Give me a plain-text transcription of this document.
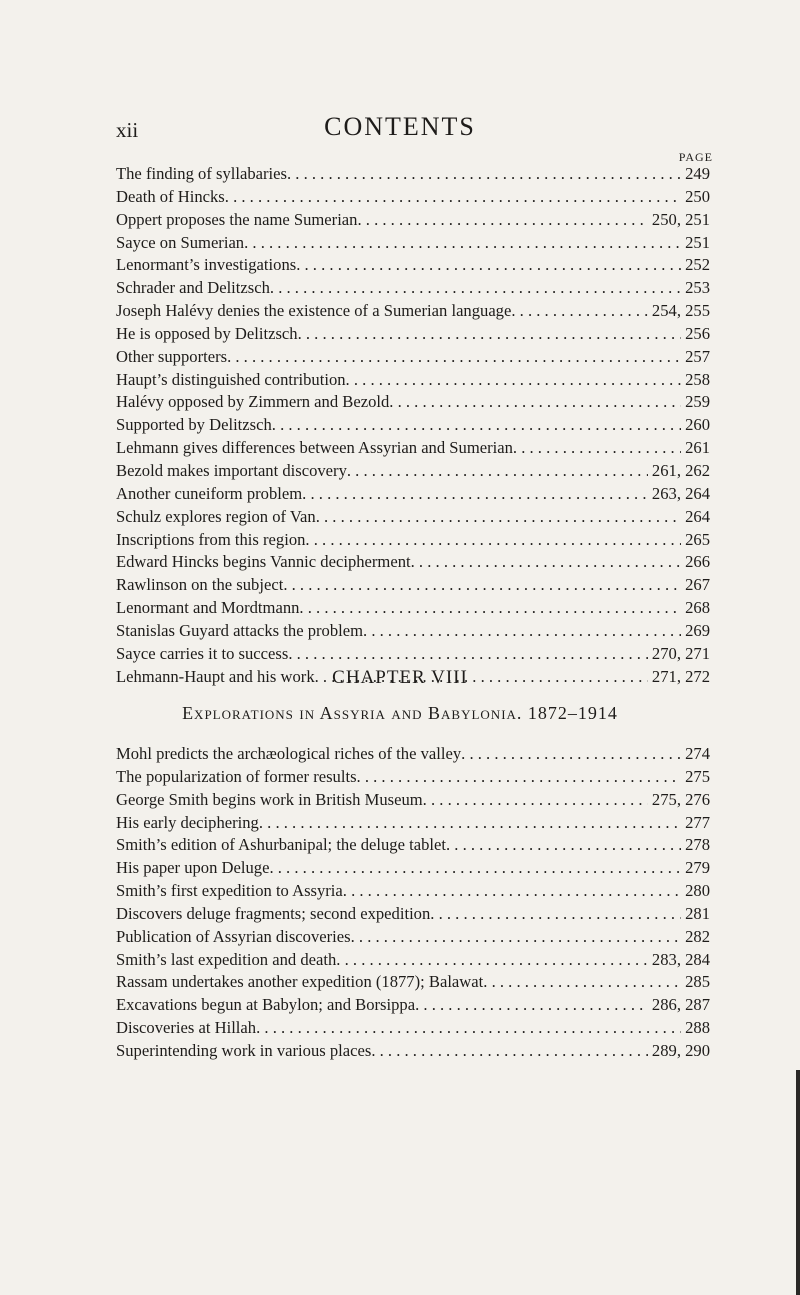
xii	CONTENTS
PAGE
The finding of syllabaries . . .	249
Death of Hincks . . .	250
Oppert proposes the name Sumerian . . .	250, 251
Sayce on Sumerian . . .	251
Lenormant’s investigations . . .	252
Schrader and Delitzsch . . .	253
Joseph Halévy denies the existence of a Sumerian language . . .	254, 255
He is opposed by Delitzsch . . .	256
Other supporters . . .	257
Haupt’s distinguished contribution . . .	258
Halévy opposed by Zimmern and Bezold . . .	259
Supported by Delitzsch . . .	260
Lehmann gives differences between Assyrian and Sumerian . . .	261
Bezold makes important discovery . . .	261, 262
Another cuneiform problem . . .	263, 264
Schulz explores region of Van . . .	264
Inscriptions from this region . . .	265
Edward Hincks begins Vannic decipherment . . .	266
Rawlinson on the subject . . .	267
Lenormant and Mordtmann . . .	268
Stanislas Guyard attacks the problem . . .	269
Sayce carries it to success . . .	270, 271
Lehmann-Haupt and his work . . .	271, 272
CHAPTER VIII
Explorations in Assyria and Babylonia. 1872–1914
Mohl predicts the archæological riches of the valley . . .	274
The popularization of former results . . .	275
George Smith begins work in British Museum . . .	275, 276
His early deciphering . . .	277
Smith’s edition of Ashurbanipal; the deluge tablet . . .	278
His paper upon Deluge . . .	279
Smith’s first expedition to Assyria . . .	280
Discovers deluge fragments; second expedition . . .	281
Publication of Assyrian discoveries . . .	282
Smith’s last expedition and death . . .	283, 284
Rassam undertakes another expedition (1877); Balawat . . .	285
Excavations begun at Babylon; and Borsippa . . .	286, 287
Discoveries at Hillah . . .	288
Superintending work in various places . . .	289, 290
